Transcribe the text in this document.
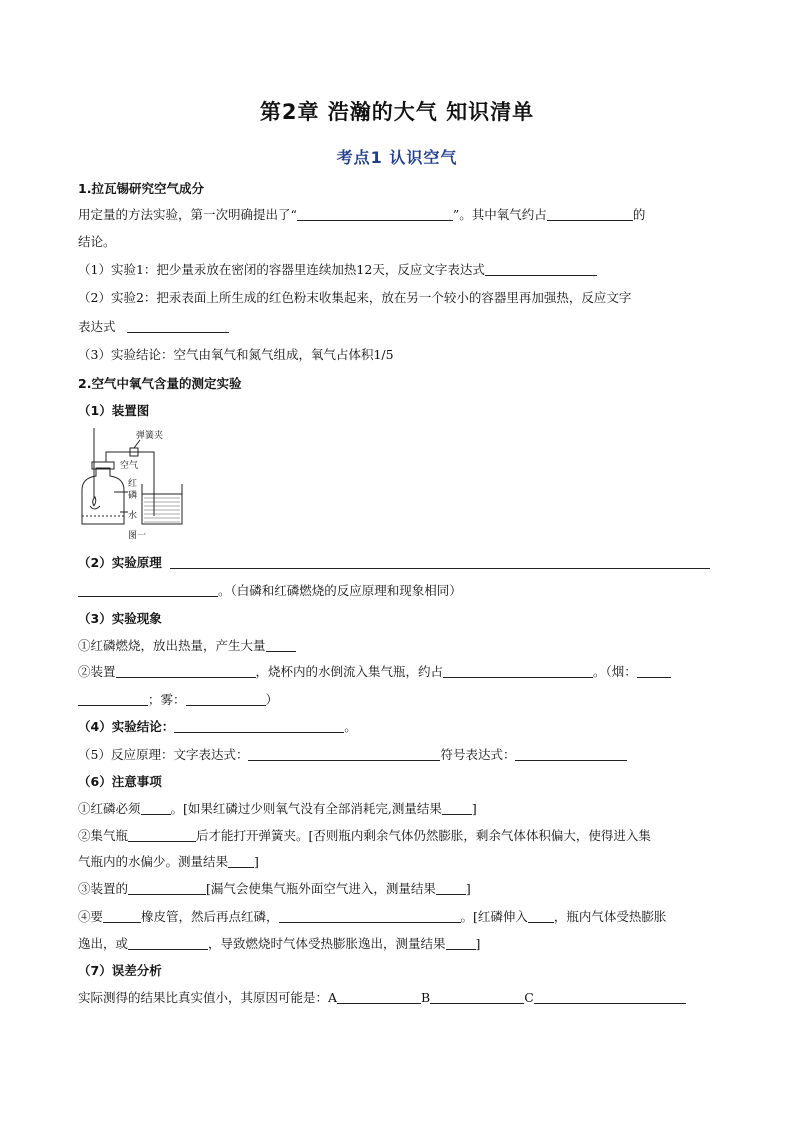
第2章 浩瀚的大气 知识清单
考点1 认识空气
1.拉瓦锡研究空气成分
用定量的方法实验，第一次明确提出了“	”。其中氧气约占	的
结论。
（1）实验1：把少量汞放在密闭的容器里连续加热12天，反应文字表达式
（2）实验2：把汞表面上所生成的红色粉末收集起来，放在另一个较小的容器里再加强热，反应文字
表达式
（3）实验结论：空气由氧气和氮气组成，氧气占体积1/5
2.空气中氧气含量的测定实验
（1）装置图
弹簧夹
空气
红
磷
水
图一
（2）实验原理
。（白磷和红磷燃烧的反应原理和现象相同）
（3）实验现象
①红磷燃烧，放出热量，产生大量
②装置	，烧杯内的水倒流入集气瓶，约占	。（烟：
；雾：	）
（4）实验结论：	。
（5）反应原理：文字表达式：	符号表达式：
（6）注意事项
①红磷必须 。[如果红磷过少则氧气没有全部消耗完,测量结果 ]
②集气瓶	后才能打开弹簧夹。[否则瓶内剩余气体仍然膨胀，剩余气体体积偏大，使得进入集
气瓶内的水偏少。测量结果 ]
③装置的	[漏气会使集气瓶外面空气进入，测量结果 ]
④要	橡皮管，然后再点红磷，	。[红磷伸入 ，瓶内气体受热膨胀
逸出，或	，导致燃烧时气体受热膨胀逸出，测量结果 ]
（7）误差分析
实际测得的结果比真实值小，其原因可能是：A	B	C
